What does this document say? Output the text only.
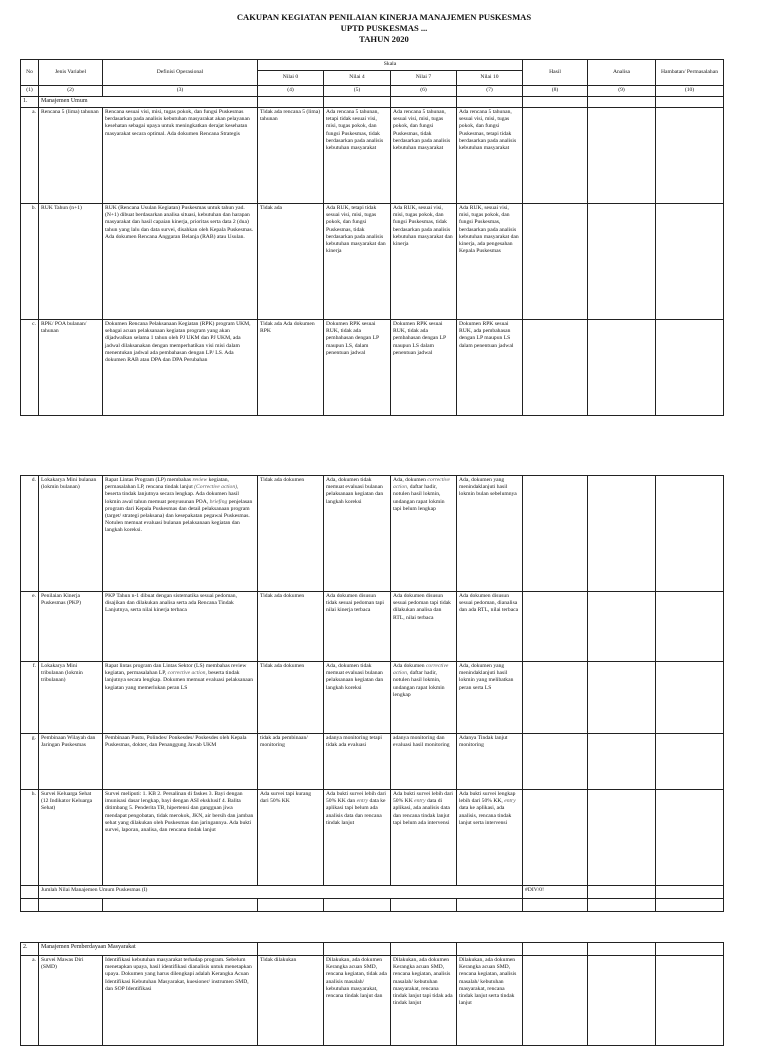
CAKUPAN KEGIATAN PENILAIAN KINERJA MANAJEMEN PUSKESMAS
UPTD PUSKESMAS ...
TAHUN 2020
No	Jenis Variabel	Definisi Operasional	Skala				Hasil	Analisa	Hambatan/ Permasalahan
			Nilai 0	Nilai 4	Nilai 7	Nilai 10			
(1)	(2)	(3)	(4)	(5)	(6)	(7)	(8)	(9)	(10)
1.	Manajemen Umum								
a.	Rencana 5 (lima) tahunan	Rencana sesuai visi, misi, tugas pokok, dan fungsi Puskesmas berdasarkan pada analisis kebutuhan masyarakat akan pelayanan kesehatan sebagai upaya untuk meningkatkan derajat kesehatan masyarakat secara optimal. Ada dokumen Rencana Strategis	Tidak ada rencana 5 (lima) tahunan	Ada rencana 5 tahunan, tetapi tidak sesuai visi, misi, tugas pokok, dan fungsi Puskesmas, tidak berdasarkan pada analisis kebutuhan masyarakat	Ada rencana 5 tahunan, sesuai visi, misi, tugas pokok, dan fungsi Puskesmas, tidak berdasarkan pada analisis kebutuhan masyarakat	Ada rencana 5 tahunan, sesuai visi, misi, tugas pokok, dan fungsi Puskesmas, tetapi tidak berdasarkan pada analisis kebutuhan masyarakat			
b.	RUK Tahun (n+1)	RUK (Rencana Usulan Kegiatan) Puskesmas untuk tahun yad. (N+1) dibuat berdasarkan analisa situasi, kebutuhan dan harapan masyarakat dan hasil capaian kinerja, prioritas serta data 2 (dua) tahun yang lalu dan data survei, disahkan oleh Kepala Puskesmas. Ada dokumen Rencana Anggaran Belanja (RAB) atau Usulan.	Tidak ada	Ada RUK, tetapi tidak sesuai visi, misi, tugas pokok, dan fungsi Puskesmas, tidak berdasarkan pada analisis kebutuhan masyarakat dan kinerja	Ada RUK, sesuai visi, misi, tugas pokok, dan fungsi Puskesmas, tidak berdasarkan pada analisis kebutuhan masyarakat dan kinerja	Ada RUK, sesuai visi, misi, tugas pokok, dan fungsi Puskesmas, berdasarkan pada analisis kebutuhan masyarakat dan kinerja, ada pengesahan Kepala Puskesmas			
c.	RPK/ POA bulanan/ tahunan	Dokumen Rencana Pelaksanaan Kegiatan (RPK) program UKM, sebagai acuan pelaksanaan kegiatan program yang akan dijadwalkan selama 1 tahun oleh PJ UKM dan PJ UKM, ada jadwal dilaksanakan dengan memperhatikan visi misi dalam menentukan jadwal ada pembahasan dengan LP/ LS. Ada dokumen RAB atau DPA dan DPA Perubahan	Tidak ada Ada dokumen RPK	Dokumen RPK sesuai RUK, tidak ada pembahasan dengan LP maupun LS, dalam penentuan jadwal	Dokumen RPK sesuai RUK, tidak ada pembahasan dengan LP maupun LS dalam penentuan jadwal	Dokumen RPK sesuai RUK, ada pembahasan dengan LP maupun LS dalam penentuan jadwal			
d.	Lokakarya Mini bulanan (lokmin bulanan)	Rapat Lintas Program (LP) membahas review kegiatan, permasalahan LP, rencana tindak lanjut (Corrective action), beserta tindak lanjutnya secara lengkap. Ada dokumen hasil lokmin awal tahun memuat penyusunan POA, briefing penjelasan program dari Kepala Puskesmas dan detail pelaksanaan program (target/ strategi pelaksana) dan kesepakatan pegawai Puskesmas. Notulen memuat evaluasi bulanan pelaksanaan kegiatan dan langkah koreksi.	Tidak ada dokumen	Ada, dokumen tidak memuat evaluasi bulanan pelaksanaan kegiatan dan langkah koreksi	Ada, dokumen corrective action, daftar hadir, notulen hasil lokmin, undangan rapat lokmin tapi belum lengkap	Ada, dokumen yang menindaklanjuti hasil lokmin bulan sebelumnya			
e.	Penilaian Kinerja Puskesmas (PKP)	PKP Tahun n-1 dibuat dengan sistematika sesuai pedoman, disajikan dan dilakukan analisa serta ada Rencana Tindak Lanjutnya, serta nilai kinerja terbaca	Tidak ada dokumen	Ada dokumen disusun tidak sesuai pedoman tapi nilai kinerja terbaca	Ada dokumen disusun sesuai pedoman tapi tidak dilakukan analisa dan RTL, nilai terbaca	Ada dokumen disusun sesuai pedoman, dianalisa dan ada RTL, nilai terbaca			
f.	Lokakarya Mini tribulanan (lokmin tribulanan)	Rapat lintas program dan Lintas Sektor (LS) membahas review kegiatan, permasalahan LP, corrective action, beserta tindak lanjutnya secara lengkap. Dokumen memuat evaluasi pelaksanaan kegiatan yang memerlukan peran LS	Tidak ada dokumen	Ada, dokumen tidak memuat evaluasi bulanan pelaksanaan kegiatan dan langkah koreksi	Ada dokumen corrective action, daftar hadir, notulen hasil lokmin, undangan rapat lokmin lengkap	Ada, dokumen yang menindaklanjuti hasil lokmin yang melibatkan peran serta LS			
g.	Pembinaan Wilayah dan Jaringan Puskesmas	Pembinaan Pustu, Polindes/ Ponkesdes/ Poskesdes oleh Kepala Puskesmas, dokter, dan Penanggung Jawab UKM	tidak ada pembinaan/ monitoring	adanya monitoring tetapi tidak ada evaluasi	adanya monitoring dan evaluasi hasil monitoring	Adanya Tindak lanjut monitoring			
h.	Survei Keluarga Sehat (12 Indikator Keluarga Sehat)	Survei meliputi: 1. KB 2. Persalinan di faskes 3. Bayi dengan imunisasi dasar lengkap, bayi dengan ASI eksklusif 4. Balita ditimbang 5. Penderita TB, hipertensi dan gangguan jiwa mendapat pengobatan, tidak merokok, JKN, air bersih dan jamban sehat yang dilakukan oleh Puskesmas dan jaringannya. Ada bukti survei, laporan, analisa, dan rencana tindak lanjut	Ada survei tapi kurang dari 50% KK	Ada bukti survei lebih dari 50% KK dan entry data ke aplikasi tapi belum ada analisis data dan rencana tindak lanjut	Ada bukti survei lebih dari 50% KK entry data di aplikasi, ada analisis data dan rencana tindak lanjut tapi belum ada intervensi	Ada bukti survei lengkap lebih dari 50% KK, entry data ke aplikasi, ada analisis, rencana tindak lanjut serta intervensi			
	Jumlah Nilai Manajemen Umum Puskesmas (I)						#DIV/0!		

2.	Manajemen Pemberdayaan Masyarakat								
a.	Survei Mawas Diri (SMD)	Identifikasi kebutuhan masyarakat terhadap program. Sebelum menetapkan upaya, hasil identifikasi dianalisis untuk menetapkan upaya. Dokumen yang harus dilengkapi adalah Kerangka Acuan Identifikasi Kebutuhan Masyarakat, kuesioner/ instrumen SMD, dan SOP Identifikasi	Tidak dilakukan	Dilakukan, ada dokumen Kerangka acuan SMD, rencana kegiatan, tidak ada analisis masalah/ kebutuhan masyarakat, rencana tindak lanjut dan	Dilakukan, ada dokumen Kerangka acuan SMD, rencana kegiatan, analisis masalah/ kebutuhan masyarakat, rencana tindak lanjut tapi tidak ada tindak lanjut	Dilakukan, ada dokumen Kerangka acuan SMD, rencana kegiatan, analisis masalah/ kebutuhan masyarakat, rencana tindak lanjut serta tindak lanjut			
